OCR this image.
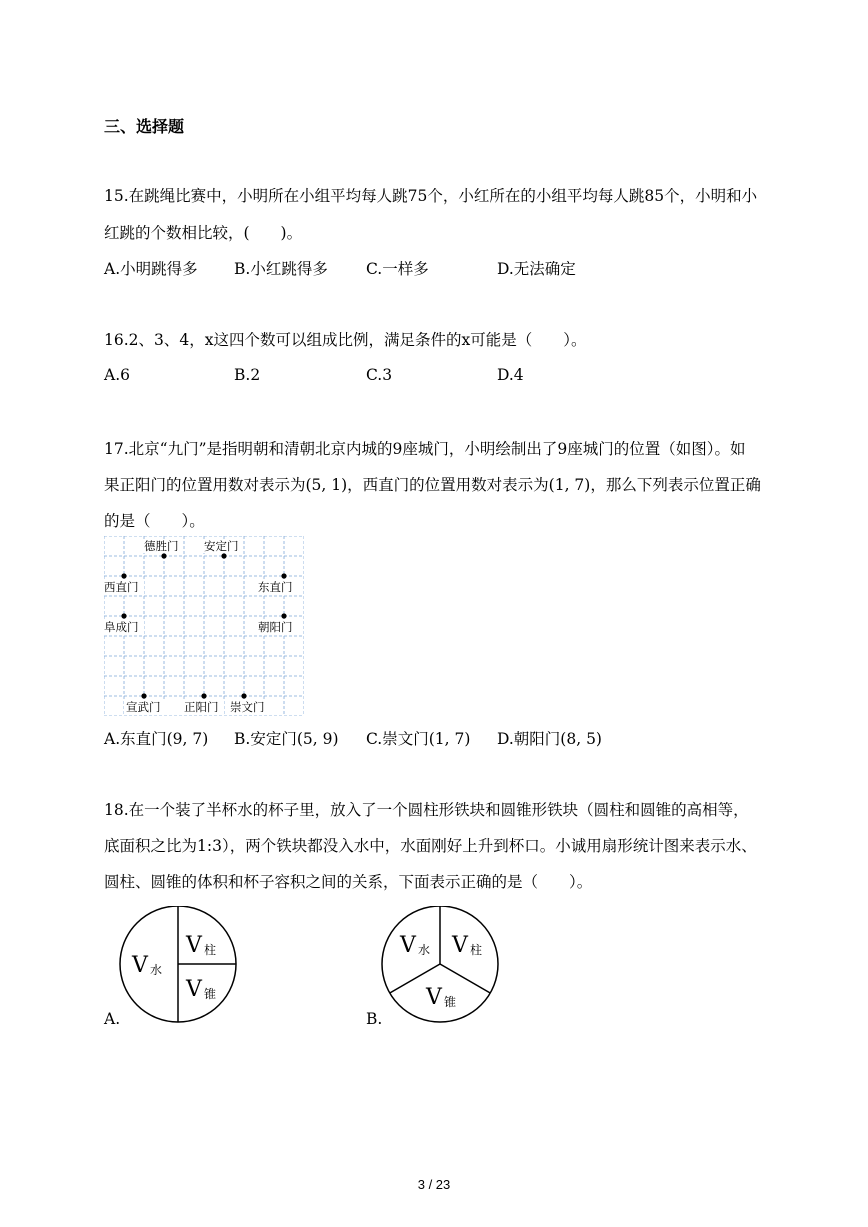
三、选择题
15.在跳绳比赛中，小明所在小组平均每人跳75个，小红所在的小组平均每人跳85个，小明和小
红跳的个数相比较，(　　)。
A.小明跳得多 B.小红跳得多 C.一样多	D.无法确定
16.2、3、4，x这四个数可以组成比例，满足条件的x可能是（　　）。
A.6	B.2	C.3	D.4
17.北京“九门”是指明朝和清朝北京内城的9座城门，小明绘制出了9座城门的位置（如图）。如
果正阳门的位置用数对表示为(5, 1)，西直门的位置用数对表示为(1, 7)，那么下列表示位置正确
的是（　　）。
德胜门 安定门
西直门	东直门
阜成门	朝阳门
宣武门 正阳门 崇文门
A.东直门(9, 7) B.安定门(5, 9) C.崇文门(1, 7) D.朝阳门(8, 5)
18.在一个装了半杯水的杯子里，放入了一个圆柱形铁块和圆锥形铁块（圆柱和圆锥的高相等，
底面积之比为1:3），两个铁块都没入水中，水面刚好上升到杯口。小诚用扇形统计图来表示水、
圆柱、圆锥的体积和杯子容积之间的关系，下面表示正确的是（　　）。
V 水
V 柱
V 锥
A.
V 水 V 柱
V 锥
B.
3 / 23
